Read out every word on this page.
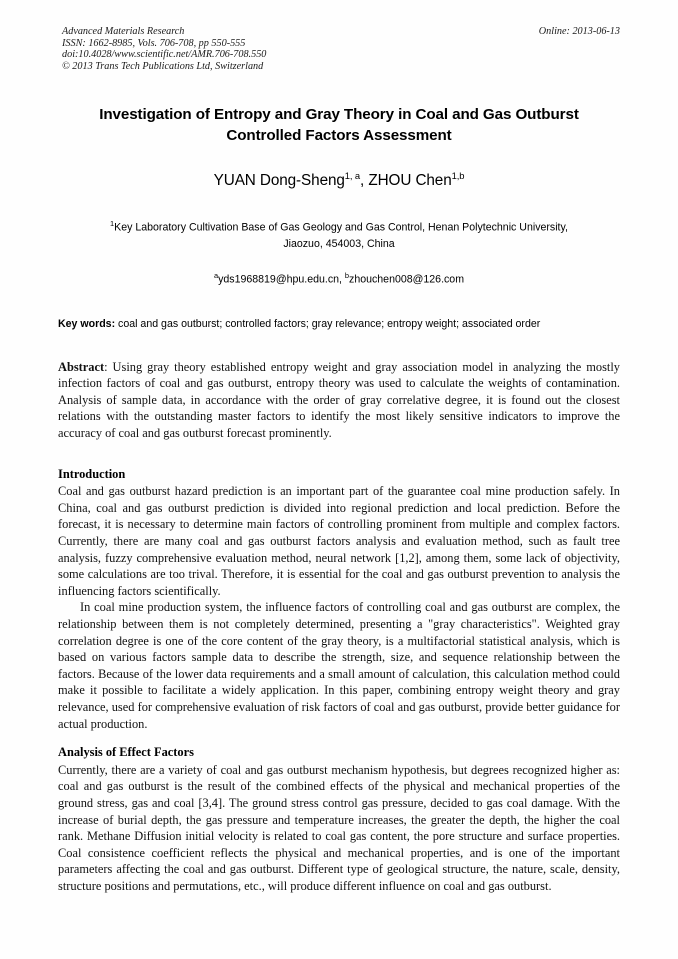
Advanced Materials Research
ISSN: 1662-8985, Vols. 706-708, pp 550-555
doi:10.4028/www.scientific.net/AMR.706-708.550
© 2013 Trans Tech Publications Ltd, Switzerland
Online: 2013-06-13
Investigation of Entropy and Gray Theory in Coal and Gas Outburst
Controlled Factors Assessment
YUAN Dong-Sheng$^{1, a}$, ZHOU Chen$^{1,b}$
$^1$Key Laboratory Cultivation Base of Gas Geology and Gas Control, Henan Polytechnic University,
Jiaozuo, 454003, China
$^a$yds1968819@hpu.edu.cn, $^b$zhouchen008@126.com
Key words: coal and gas outburst; controlled factors; gray relevance; entropy weight; associated order
Abstract: Using gray theory established entropy weight and gray association model in analyzing the mostly infection factors of coal and gas outburst, entropy theory was used to calculate the weights of contamination. Analysis of sample data, in accordance with the order of gray correlative degree, it is found out the closest relations with the outstanding master factors to identify the most likely sensitive indicators to improve the accuracy of coal and gas outburst forecast prominently.
Introduction

Coal and gas outburst hazard prediction is an important part of the guarantee coal mine production safely. In China, coal and gas outburst prediction is divided into regional prediction and local prediction. Before the forecast, it is necessary to determine main factors of controlling prominent from multiple and complex factors. Currently, there are many coal and gas outburst factors analysis and evaluation method, such as fault tree analysis, fuzzy comprehensive evaluation method, neural network [1,2], among them, some lack of objectivity, some calculations are too trival. Therefore, it is essential for the coal and gas outburst prevention to analysis the influencing factors scientifically.

In coal mine production system, the influence factors of controlling coal and gas outburst are complex, the relationship between them is not completely determined, presenting a "gray characteristics". Weighted gray correlation degree is one of the core content of the gray theory, is a multifactorial statistical analysis, which is based on various factors sample data to describe the strength, size, and sequence relationship between the factors. Because of the lower data requirements and a small amount of calculation, this calculation method could make it possible to facilitate a widely application. In this paper, combining entropy weight theory and gray relevance, used for comprehensive evaluation of risk factors of coal and gas outburst, provide better guidance for actual production.

Analysis of Effect Factors

Currently, there are a variety of coal and gas outburst mechanism hypothesis, but degrees recognized higher as: coal and gas outburst is the result of the combined effects of the physical and mechanical properties of the ground stress, gas and coal [3,4]. The ground stress control gas pressure, decided to gas coal damage. With the increase of burial depth, the gas pressure and temperature increases, the greater the depth, the higher the coal rank. Methane Diffusion initial velocity is related to coal gas content, the pore structure and surface properties. Coal consistence coefficient reflects the physical and mechanical properties, and is one of the important parameters affecting the coal and gas outburst. Different type of geological structure, the nature, scale, density, structure positions and permutations, etc., will produce different influence on coal and gas outburst.
